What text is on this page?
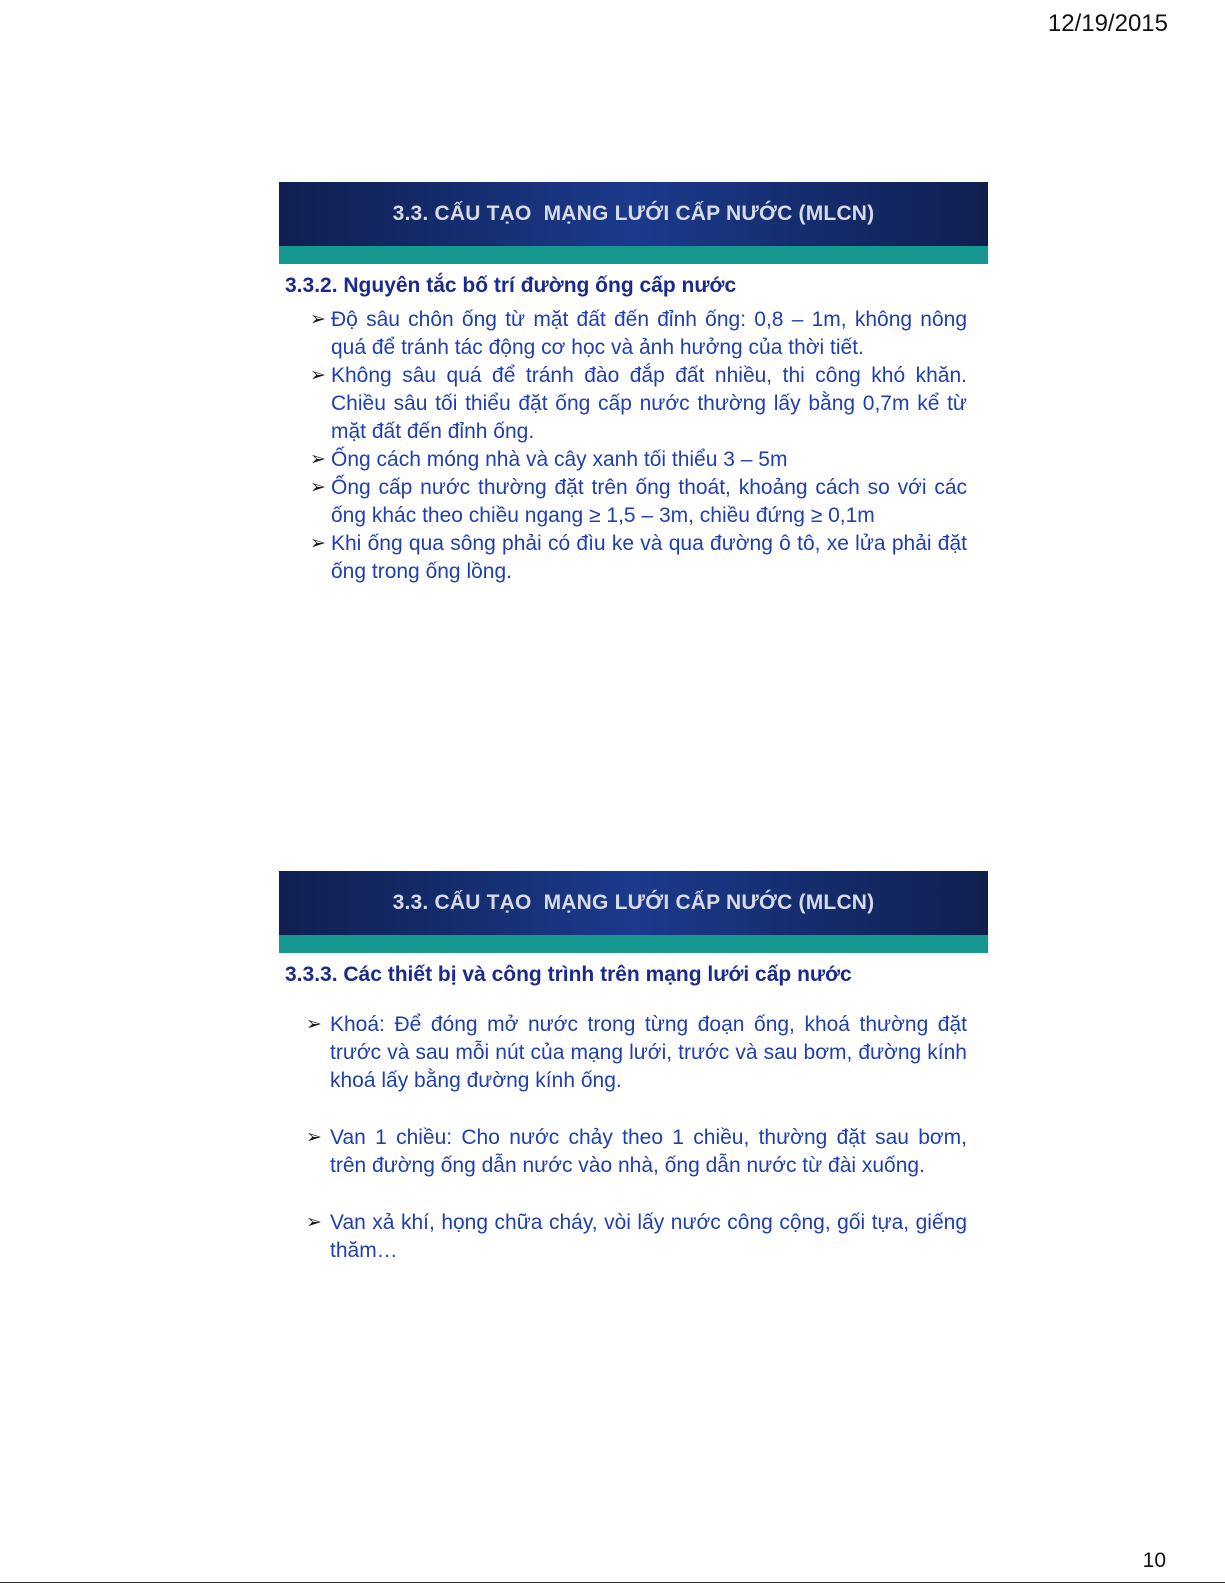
12/19/2015
3.3. CẤU TẠO  MẠNG LƯỚI CẤP NƯỚC (MLCN)
3.3.2. Nguyên tắc bố trí đường ống cấp nước
➢ Độ sâu chôn ống từ mặt đất đến đỉnh ống: 0,8 – 1m, không nông quá để tránh tác động cơ học và ảnh hưởng của thời tiết.
➢ Không sâu quá để tránh đào đắp đất nhiều, thi công khó khăn. Chiều sâu tối thiểu đặt ống cấp nước thường lấy bằng 0,7m kể từ mặt đất đến đỉnh ống.
➢ Ống cách móng nhà và cây xanh tối thiểu 3 – 5m
➢ Ống cấp nước thường đặt trên ống thoát, khoảng cách so với các ống khác theo chiều ngang ≥ 1,5 – 3m, chiều đứng ≥ 0,1m
➢ Khi ống qua sông phải có đìu ke và qua đường ô tô, xe lửa phải đặt ống trong ống lồng.
3.3. CẤU TẠO  MẠNG LƯỚI CẤP NƯỚC (MLCN)
3.3.3. Các thiết bị và công trình trên mạng lưới cấp nước
➢ Khoá: Để đóng mở nước trong từng đoạn ống, khoá thường đặt trước và sau mỗi nút của mạng lưới, trước và sau bơm, đường kính khoá lấy bằng đường kính ống.
➢ Van 1 chiều: Cho nước chảy theo 1 chiều, thường đặt sau bơm, trên đường ống dẫn nước vào nhà, ống dẫn nước từ đài xuống.
➢ Van xả khí, họng chữa cháy, vòi lấy nước công cộng, gối tựa, giếng thăm…
10
